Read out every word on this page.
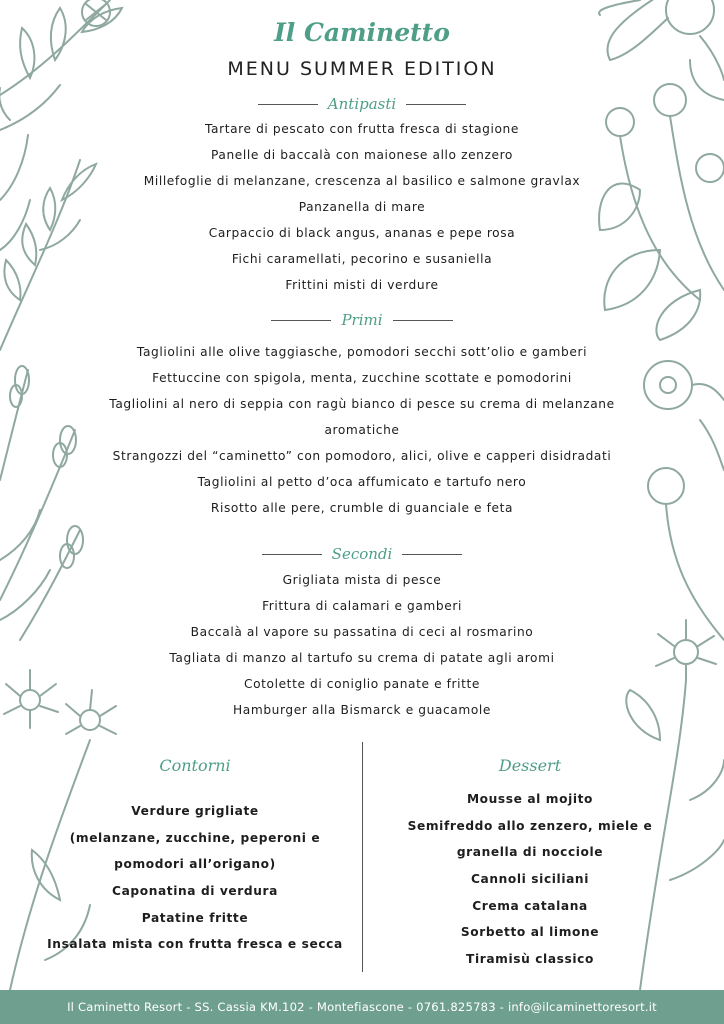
Il Caminetto
MENU SUMMER EDITION
Antipasti
Tartare di pescato con frutta fresca di stagione
Panelle di baccalà con maionese allo zenzero
Millefoglie di melanzane, crescenza al basilico e salmone gravlax
Panzanella di mare
Carpaccio di black angus, ananas e pepe rosa
Fichi caramellati, pecorino e susaniella
Frittini misti di verdure
Primi
Tagliolini alle olive taggiasche, pomodori secchi sott’olio e gamberi
Fettuccine con spigola, menta, zucchine scottate e pomodorini
Tagliolini al nero di seppia con ragù bianco di pesce su crema di melanzane
aromatiche
Strangozzi del “caminetto” con pomodoro, alici, olive e capperi disidradati
Tagliolini al petto d’oca affumicato e tartufo nero
Risotto alle pere, crumble di guanciale e feta
Secondi
Grigliata mista di pesce
Frittura di calamari e gamberi
Baccalà al vapore su passatina di ceci al rosmarino
Tagliata di manzo al tartufo su crema di patate agli aromi
Cotolette di coniglio panate e fritte
Hamburger alla Bismarck e guacamole
Contorni
Verdure grigliate
(melanzane, zucchine, peperoni e
pomodori all’origano)
Caponatina di verdura
Patatine fritte
Insalata mista con frutta fresca e secca
Dessert
Mousse al mojito
Semifreddo allo zenzero, miele e
granella di nocciole
Cannoli siciliani
Crema catalana
Sorbetto al limone
Tiramisù classico
Il Caminetto Resort - SS. Cassia KM.102 - Montefiascone - 0761.825783 - info@ilcaminettoresort.it
